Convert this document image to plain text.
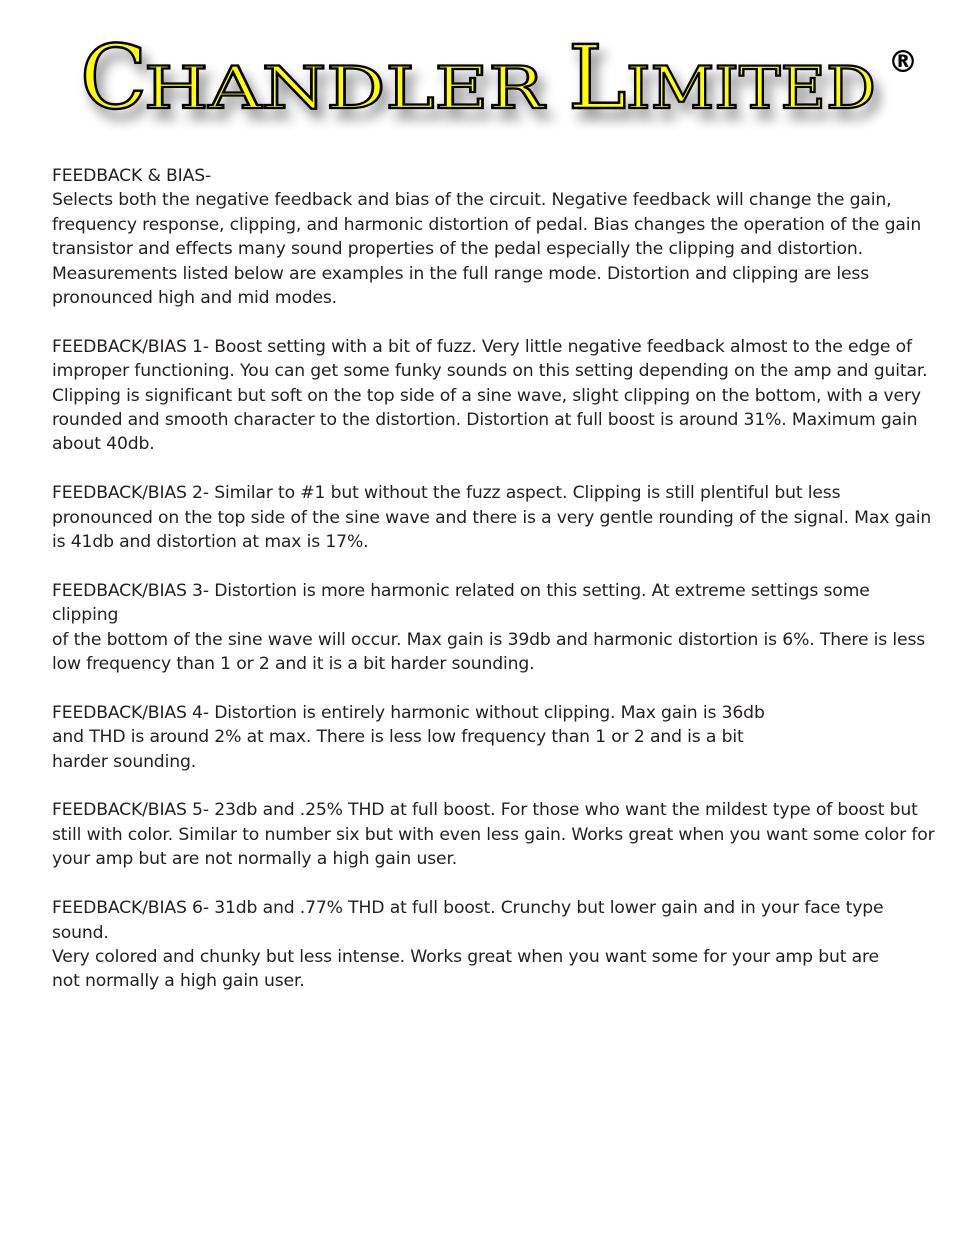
C
HANDLER L IMITED ®

FEEDBACK & BIAS-
Selects both the negative feedback and bias of the circuit. Negative feedback will change the gain,
frequency response, clipping, and harmonic distortion of pedal. Bias changes the operation of the gain
transistor and effects many sound properties of the pedal especially the clipping and distortion.
Measurements listed below are examples in the full range mode. Distortion and clipping are less
pronounced high and mid modes.

FEEDBACK/BIAS 1- Boost setting with a bit of fuzz. Very little negative feedback almost to the edge of
improper functioning. You can get some funky sounds on this setting depending on the amp and guitar.
Clipping is significant but soft on the top side of a sine wave, slight clipping on the bottom, with a very
rounded and smooth character to the distortion. Distortion at full boost is around 31%. Maximum gain
about 40db.

FEEDBACK/BIAS 2- Similar to #1 but without the fuzz aspect. Clipping is still plentiful but less
pronounced on the top side of the sine wave and there is a very gentle rounding of the signal. Max gain
is 41db and distortion at max is 17%.

FEEDBACK/BIAS 3- Distortion is more harmonic related on this setting. At extreme settings some clipping
of the bottom of the sine wave will occur. Max gain is 39db and harmonic distortion is 6%. There is less
low frequency than 1 or 2 and it is a bit harder sounding.

FEEDBACK/BIAS 4- Distortion is entirely harmonic without clipping. Max gain is 36db
and THD is around 2% at max. There is less low frequency than 1 or 2 and is a bit
harder sounding.

FEEDBACK/BIAS 5- 23db and .25% THD at full boost. For those who want the mildest type of boost but
still with color. Similar to number six but with even less gain. Works great when you want some color for
your amp but are not normally a high gain user.

FEEDBACK/BIAS 6- 31db and .77% THD at full boost. Crunchy but lower gain and in your face type sound.
Very colored and chunky but less intense. Works great when you want some for your amp but are
not normally a high gain user.
